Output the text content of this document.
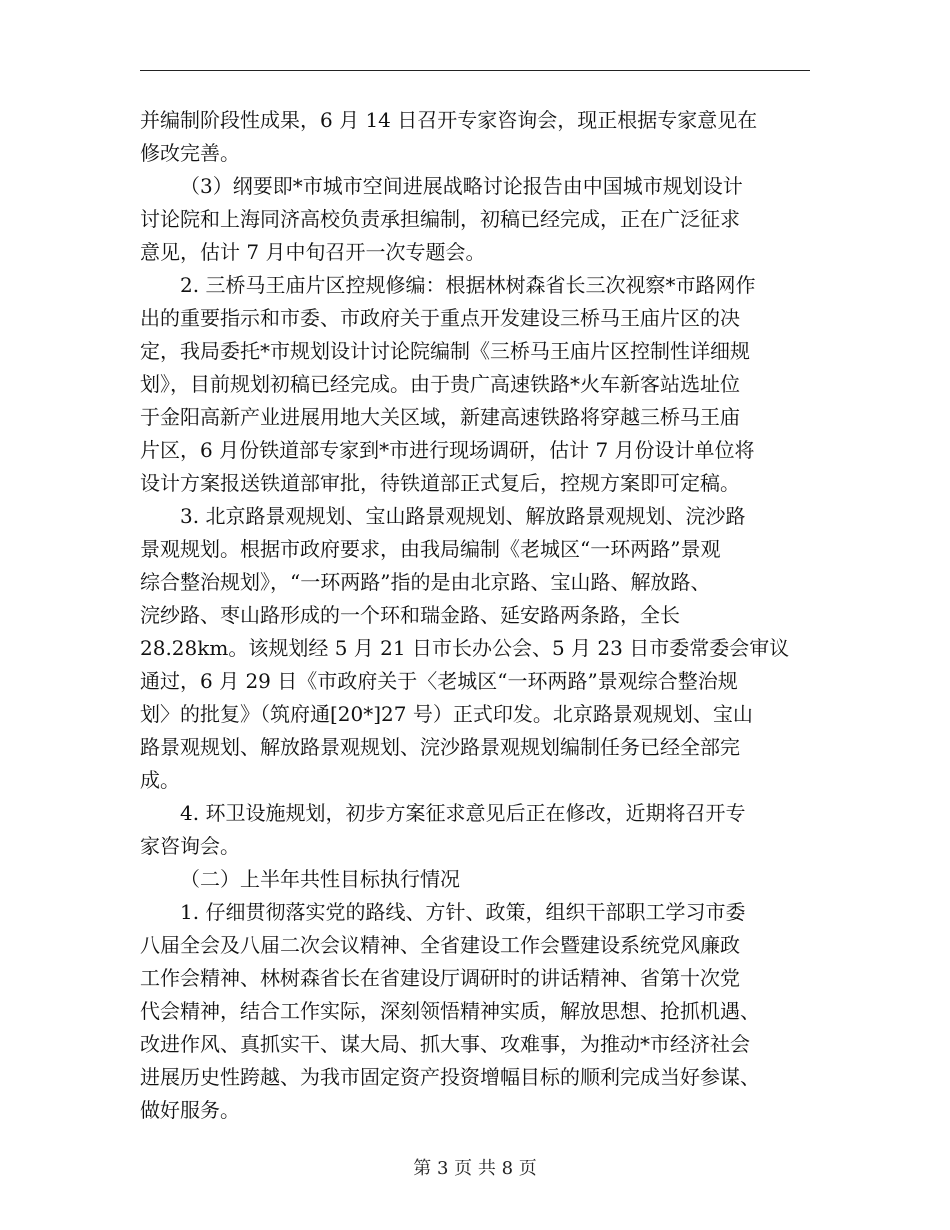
并编制阶段性成果，6 月 14 日召开专家咨询会，现正根据专家意见在
修改完善。
（3）纲要即*市城市空间进展战略讨论报告由中国城市规划设计
讨论院和上海同济高校负责承担编制，初稿已经完成，正在广泛征求
意见，估计 7 月中旬召开一次专题会。
2. 三桥马王庙片区控规修编：根据林树森省长三次视察*市路网作
出的重要指示和市委、市政府关于重点开发建设三桥马王庙片区的决
定，我局委托*市规划设计讨论院编制《三桥马王庙片区控制性详细规
划》，目前规划初稿已经完成。由于贵广高速铁路*火车新客站选址位
于金阳高新产业进展用地大关区域，新建高速铁路将穿越三桥马王庙
片区，6 月份铁道部专家到*市进行现场调研，估计 7 月份设计单位将
设计方案报送铁道部审批，待铁道部正式复后，控规方案即可定稿。
3. 北京路景观规划、宝山路景观规划、解放路景观规划、浣沙路
景观规划。根据市政府要求，由我局编制《老城区“一环两路”景观
综合整治规划》，“一环两路”指的是由北京路、宝山路、解放路、
浣纱路、枣山路形成的一个环和瑞金路、延安路两条路，全长
28.28km。该规划经 5 月 21 日市长办公会、5 月 23 日市委常委会审议
通过，6 月 29 日《市政府关于〈老城区“一环两路”景观综合整治规
划〉的批复》（筑府通[20*]27 号）正式印发。北京路景观规划、宝山
路景观规划、解放路景观规划、浣沙路景观规划编制任务已经全部完
成。
4. 环卫设施规划，初步方案征求意见后正在修改，近期将召开专
家咨询会。
（二）上半年共性目标执行情况
1. 仔细贯彻落实党的路线、方针、政策，组织干部职工学习市委
八届全会及八届二次会议精神、全省建设工作会暨建设系统党风廉政
工作会精神、林树森省长在省建设厅调研时的讲话精神、省第十次党
代会精神，结合工作实际，深刻领悟精神实质，解放思想、抢抓机遇、
改进作风、真抓实干、谋大局、抓大事、攻难事，为推动*市经济社会
进展历史性跨越、为我市固定资产投资增幅目标的顺利完成当好参谋、
做好服务。
第 3 页 共 8 页
